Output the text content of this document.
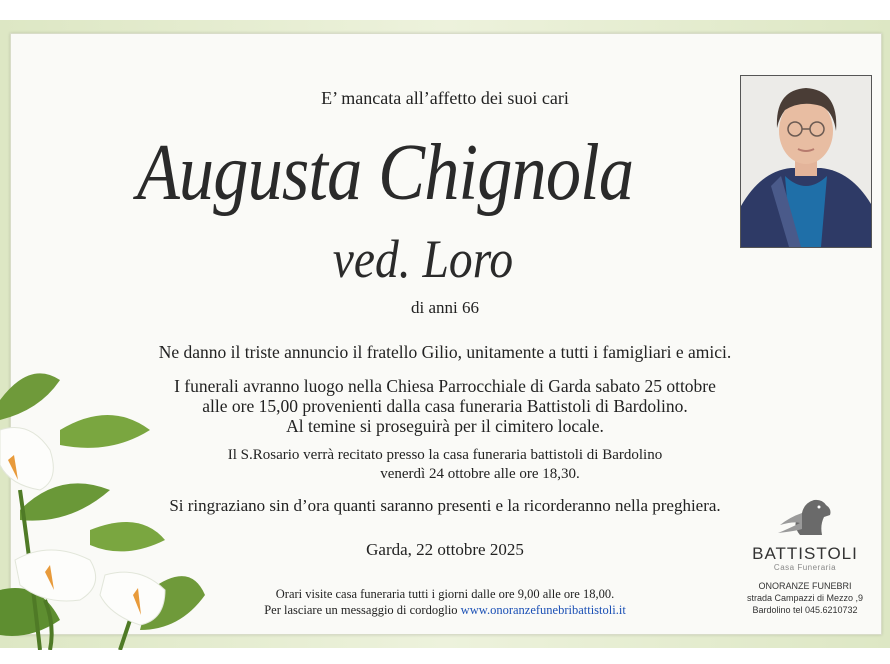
E’ mancata all’affetto dei suoi cari
Augusta Chignola
ved. Loro
di anni 66
Ne danno il triste annuncio il fratello Gilio, unitamente a tutti i famigliari e amici.
I funerali avranno luogo nella Chiesa Parrocchiale di Garda sabato 25 ottobre
alle ore 15,00 provenienti dalla casa funeraria Battistoli di Bardolino.
Al temine si proseguirà per il cimitero locale.
Il S.Rosario verrà recitato presso la casa funeraria battistoli di Bardolino
venerdì 24 ottobre alle ore 18,30.
Si ringraziano sin d’ora quanti saranno presenti e la ricorderanno nella preghiera.
Garda, 22 ottobre 2025
Orari visite casa funeraria tutti i giorni dalle ore 9,00 alle ore 18,00.
Per lasciare un messaggio di cordoglio www.onoranzefunebribattistoli.it
BATTISTOLI
Casa Funeraria
ONORANZE FUNEBRI
strada Campazzi di Mezzo ,9
Bardolino tel 045.6210732
